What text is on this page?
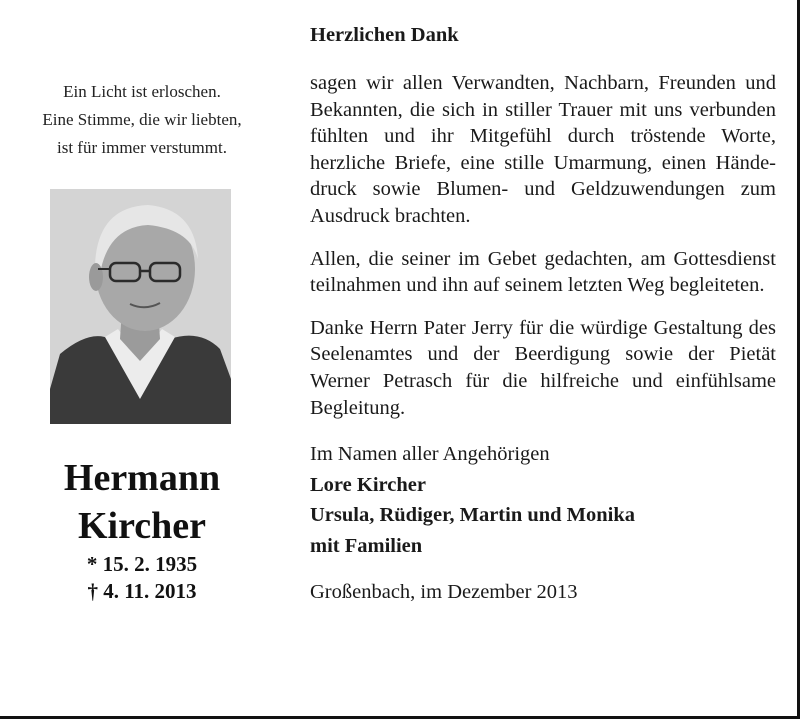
Ein Licht ist erloschen.
Eine Stimme, die wir liebten,
ist für immer verstummt.
Hermann
Kircher
* 15. 2. 1935
† 4. 11. 2013
Herzlichen Dank

sagen wir allen Verwandten, Nachbarn, Freunden und Bekannten, die sich in stiller Trauer mit uns verbunden fühlten und ihr Mitgefühl durch tröstende Worte, herzliche Briefe, eine stille Umarmung, einen Händedruck sowie Blumen- und Geldzuwendungen zum Ausdruck brachten.

Allen, die seiner im Gebet gedachten, am Gottesdienst teilnahmen und ihn auf seinem letzten Weg begleiteten.

Danke Herrn Pater Jerry für die würdige Gestaltung des Seelenamtes und der Beerdigung sowie der Pietät Werner Petrasch für die hilfreiche und einfühlsame Begleitung.

Im Namen aller Angehörigen
Lore Kircher
Ursula, Rüdiger, Martin und Monika
mit Familien
Großenbach, im Dezember 2013
